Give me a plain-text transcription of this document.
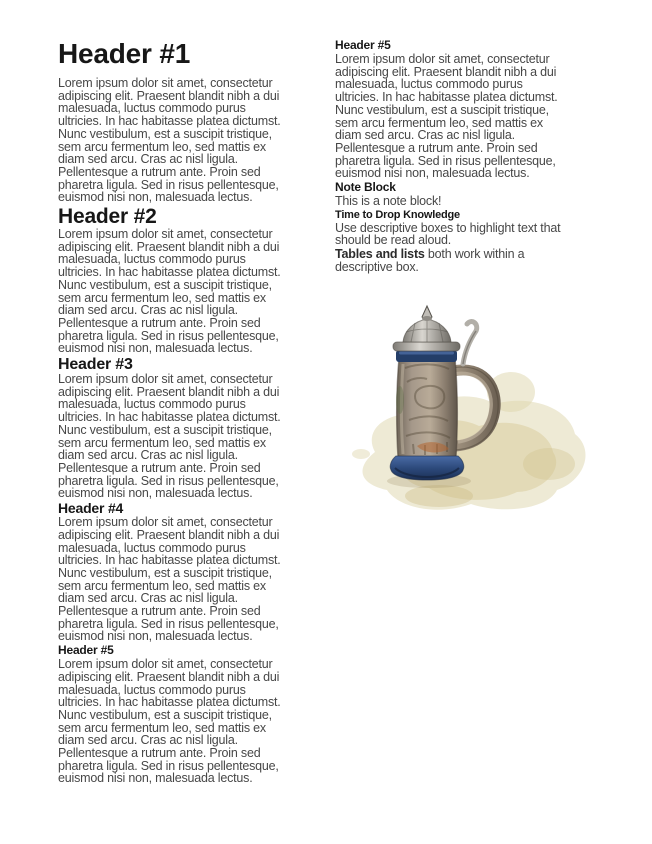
Header #1

Lorem ipsum dolor sit amet, consectetur
adipiscing elit. Praesent blandit nibh a dui
malesuada, luctus commodo purus
ultricies. In hac habitasse platea dictumst.
Nunc vestibulum, est a suscipit tristique,
sem arcu fermentum leo, sed mattis ex
diam sed arcu. Cras ac nisl ligula.
Pellentesque a rutrum ante. Proin sed
pharetra ligula. Sed in risus pellentesque,
euismod nisi non, malesuada lectus.

Header #2

Lorem ipsum dolor sit amet, consectetur
adipiscing elit. Praesent blandit nibh a dui
malesuada, luctus commodo purus
ultricies. In hac habitasse platea dictumst.
Nunc vestibulum, est a suscipit tristique,
sem arcu fermentum leo, sed mattis ex
diam sed arcu. Cras ac nisl ligula.
Pellentesque a rutrum ante. Proin sed
pharetra ligula. Sed in risus pellentesque,
euismod nisi non, malesuada lectus.

Header #3

Lorem ipsum dolor sit amet, consectetur
adipiscing elit. Praesent blandit nibh a dui
malesuada, luctus commodo purus
ultricies. In hac habitasse platea dictumst.
Nunc vestibulum, est a suscipit tristique,
sem arcu fermentum leo, sed mattis ex
diam sed arcu. Cras ac nisl ligula.
Pellentesque a rutrum ante. Proin sed
pharetra ligula. Sed in risus pellentesque,
euismod nisi non, malesuada lectus.

Header #4

Lorem ipsum dolor sit amet, consectetur
adipiscing elit. Praesent blandit nibh a dui
malesuada, luctus commodo purus
ultricies. In hac habitasse platea dictumst.
Nunc vestibulum, est a suscipit tristique,
sem arcu fermentum leo, sed mattis ex
diam sed arcu. Cras ac nisl ligula.
Pellentesque a rutrum ante. Proin sed
pharetra ligula. Sed in risus pellentesque,
euismod nisi non, malesuada lectus.

Header #5

Lorem ipsum dolor sit amet, consectetur
adipiscing elit. Praesent blandit nibh a dui
malesuada, luctus commodo purus
ultricies. In hac habitasse platea dictumst.
Nunc vestibulum, est a suscipit tristique,
sem arcu fermentum leo, sed mattis ex
diam sed arcu. Cras ac nisl ligula.
Pellentesque a rutrum ante. Proin sed
pharetra ligula. Sed in risus pellentesque,
euismod nisi non, malesuada lectus.

Header #5

Lorem ipsum dolor sit amet, consectetur
adipiscing elit. Praesent blandit nibh a dui
malesuada, luctus commodo purus
ultricies. In hac habitasse platea dictumst.
Nunc vestibulum, est a suscipit tristique,
sem arcu fermentum leo, sed mattis ex
diam sed arcu. Cras ac nisl ligula.
Pellentesque a rutrum ante. Proin sed
pharetra ligula. Sed in risus pellentesque,
euismod nisi non, malesuada lectus.

Note Block

This is a note block!

Time to Drop Knowledge

Use descriptive boxes to highlight text that
should be read aloud.

Tables and lists both work within a
descriptive box.
